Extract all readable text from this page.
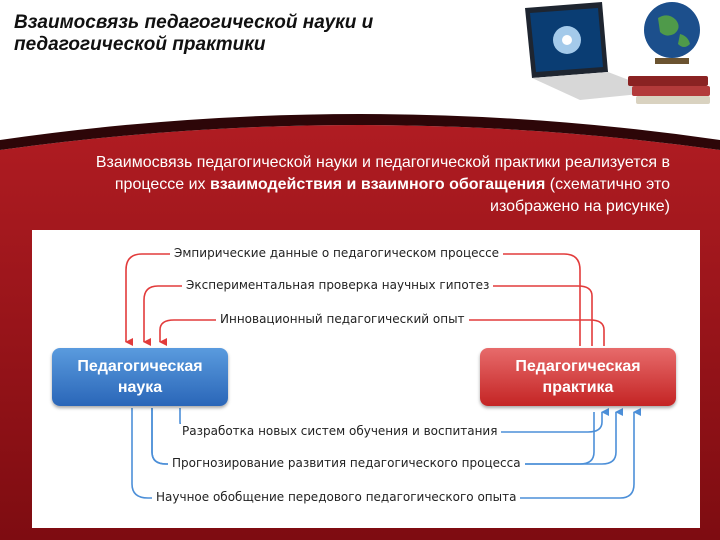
Взаимосвязь педагогической науки и
педагогической практики

Взаимосвязь педагогической науки и педагогической практики реализуется в процессе их взаимодействия и взаимного обогащения (схематично это изображено на рисунке)

Эмпирические данные о педагогическом процессе
Экспериментальная проверка научных гипотез
Инновационный педагогический опыт
Педагогическая
наука
Педагогическая
практика
Разработка новых систем обучения и воспитания
Прогнозирование развития педагогического процесса
Научное обобщение передового педагогического опыта
